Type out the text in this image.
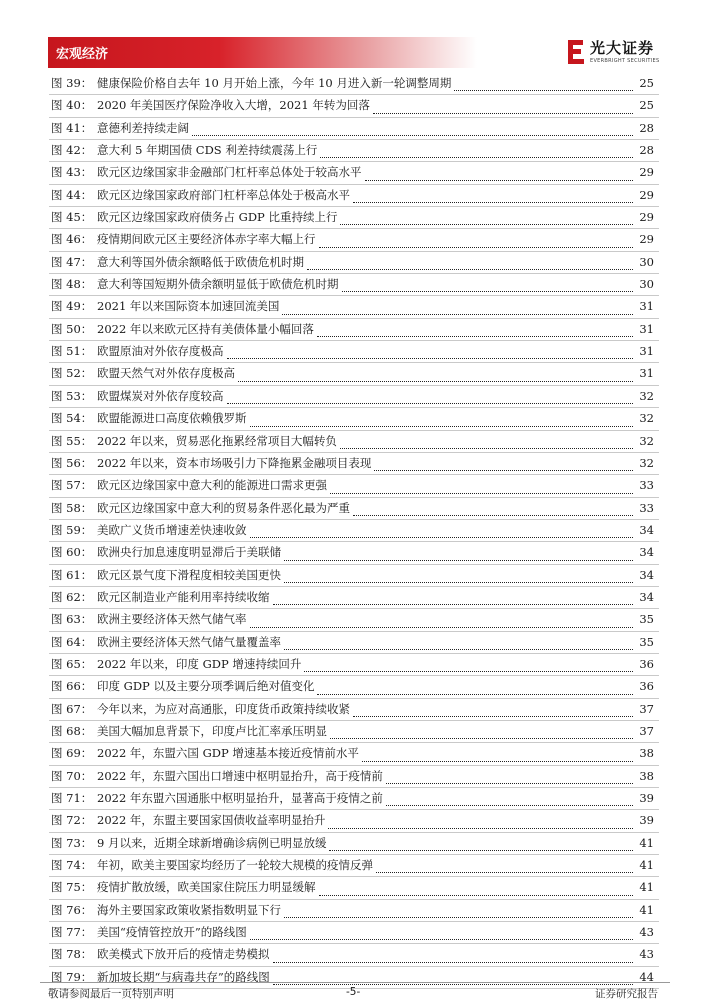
宏观经济	光大证券
EVERBRIGHT SECURITIES
图 39： 健康保险价格自去年 10 月开始上涨，今年 10 月进入新一轮调整周期	25
图 40： 2020 年美国医疗保险净收入大增，2021 年转为回落	25
图 41： 意德利差持续走阔	28
图 42： 意大利 5 年期国债 CDS 利差持续震荡上行	28
图 43： 欧元区边缘国家非金融部门杠杆率总体处于较高水平	29
图 44： 欧元区边缘国家政府部门杠杆率总体处于极高水平	29
图 45： 欧元区边缘国家政府债务占 GDP 比重持续上行	29
图 46： 疫情期间欧元区主要经济体赤字率大幅上行	29
图 47： 意大利等国外债余额略低于欧债危机时期	30
图 48： 意大利等国短期外债余额明显低于欧债危机时期	30
图 49： 2021 年以来国际资本加速回流美国	31
图 50： 2022 年以来欧元区持有美债体量小幅回落	31
图 51： 欧盟原油对外依存度极高	31
图 52： 欧盟天然气对外依存度极高	31
图 53： 欧盟煤炭对外依存度较高	32
图 54： 欧盟能源进口高度依赖俄罗斯	32
图 55： 2022 年以来，贸易恶化拖累经常项目大幅转负	32
图 56： 2022 年以来，资本市场吸引力下降拖累金融项目表现	32
图 57： 欧元区边缘国家中意大利的能源进口需求更强	33
图 58： 欧元区边缘国家中意大利的贸易条件恶化最为严重	33
图 59： 美欧广义货币增速差快速收敛	34
图 60： 欧洲央行加息速度明显滞后于美联储	34
图 61： 欧元区景气度下滑程度相较美国更快	34
图 62： 欧元区制造业产能利用率持续收缩	34
图 63： 欧洲主要经济体天然气储气率	35
图 64： 欧洲主要经济体天然气储气量覆盖率	35
图 65： 2022 年以来，印度 GDP 增速持续回升	36
图 66： 印度 GDP 以及主要分项季调后绝对值变化	36
图 67： 今年以来，为应对高通胀，印度货币政策持续收紧	37
图 68： 美国大幅加息背景下，印度卢比汇率承压明显	37
图 69： 2022 年，东盟六国 GDP 增速基本接近疫情前水平	38
图 70： 2022 年，东盟六国出口增速中枢明显抬升，高于疫情前	38
图 71： 2022 年东盟六国通胀中枢明显抬升，显著高于疫情之前	39
图 72： 2022 年，东盟主要国家国债收益率明显抬升	39
图 73： 9 月以来，近期全球新增确诊病例已明显放缓	41
图 74： 年初，欧美主要国家均经历了一轮较大规模的疫情反弹	41
图 75： 疫情扩散放缓，欧美国家住院压力明显缓解	41
图 76： 海外主要国家政策收紧指数明显下行	41
图 77： 美国“疫情管控放开”的路线图	43
图 78： 欧美模式下放开后的疫情走势模拟	43
图 79： 新加坡长期“与病毒共存”的路线图	44
敬请参阅最后一页特别声明	-5-	证券研究报告
